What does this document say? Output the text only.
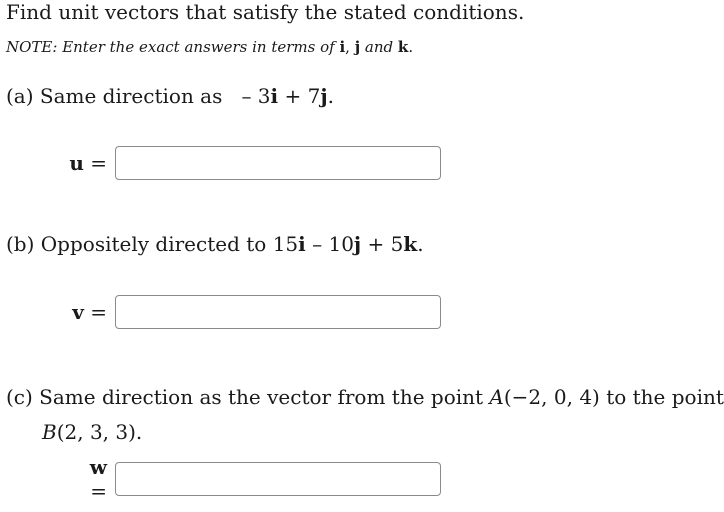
Find unit vectors that satisfy the stated conditions.
NOTE: Enter the exact answers in terms of i, j and k.
(a) Same direction as – 3i + 7j.
u =
(b) Oppositely directed to 15i – 10j + 5k.
v =
(c) Same direction as the vector from the point A(−2, 0, 4) to the point
B(2, 3, 3).
w =
